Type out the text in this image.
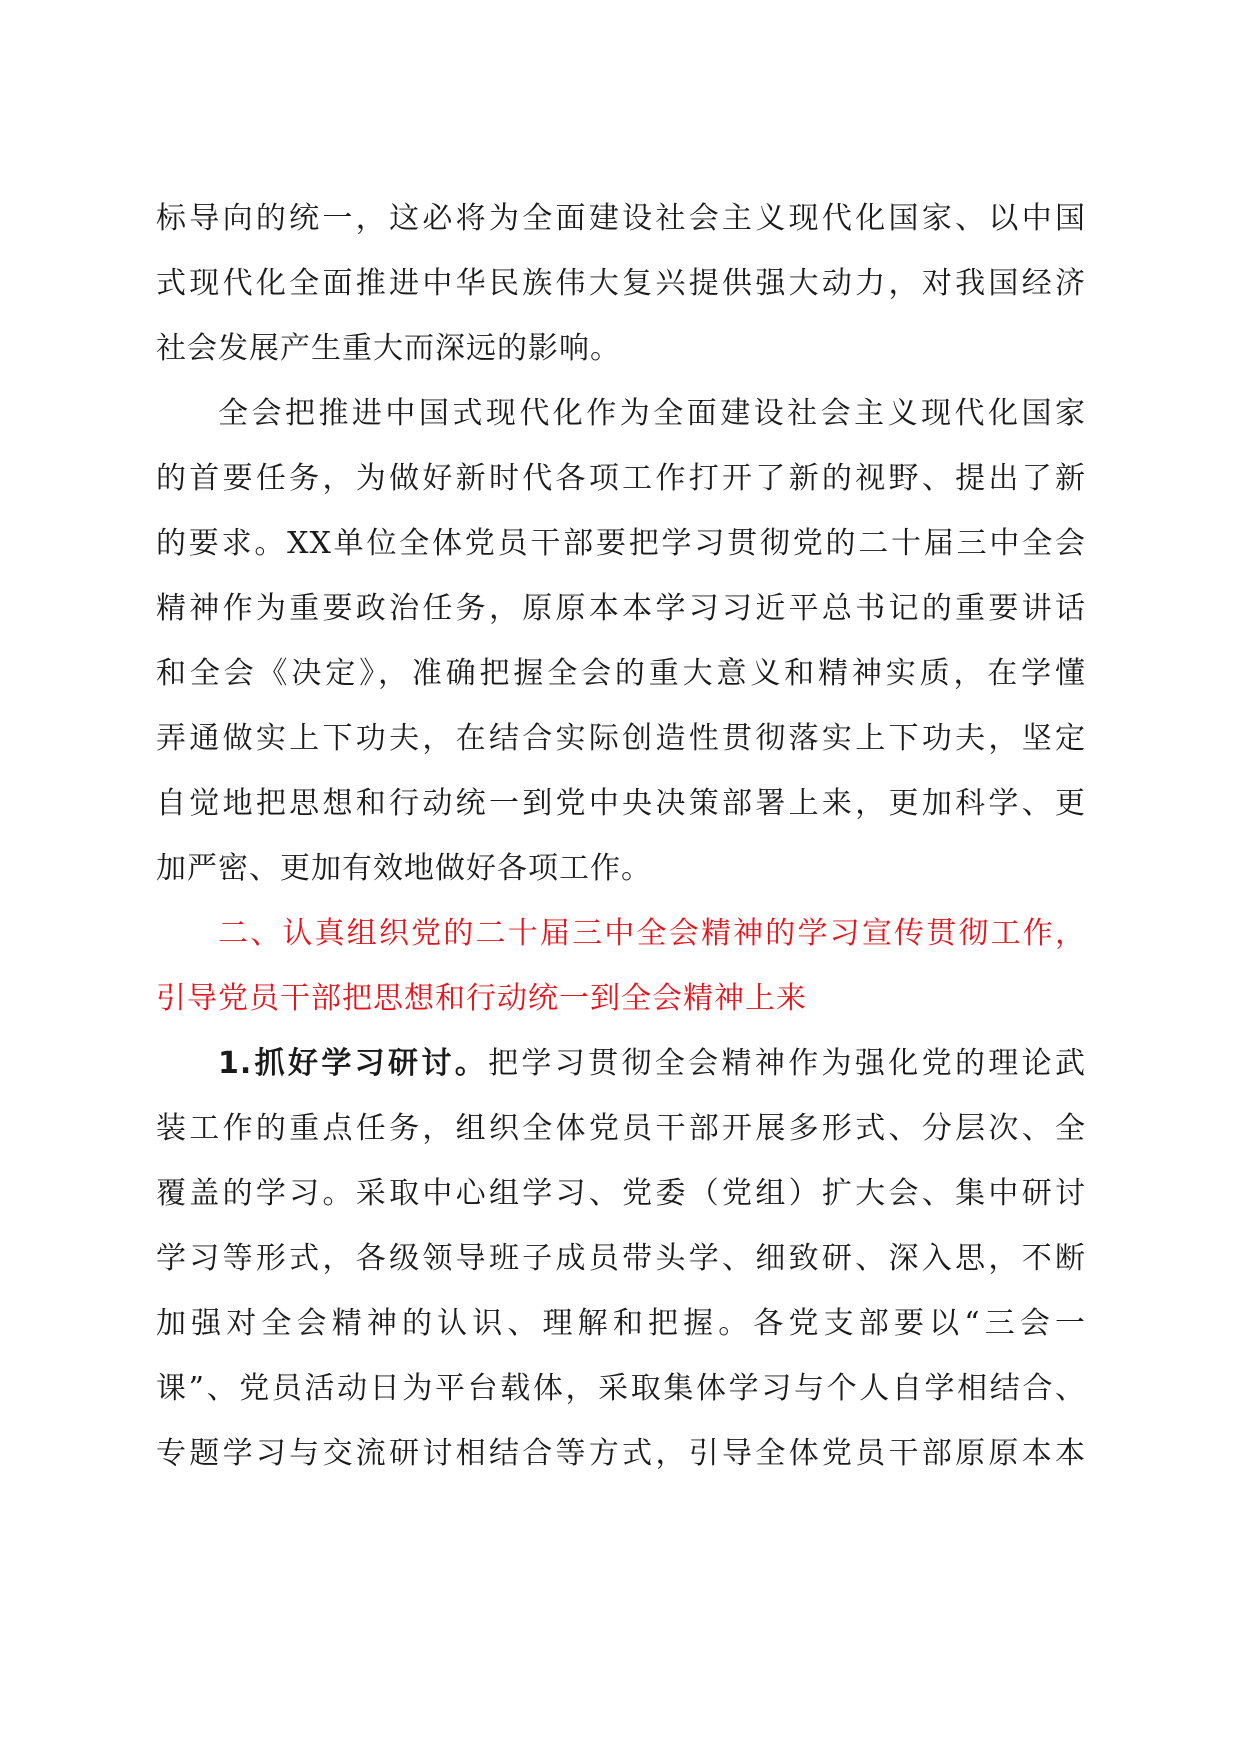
标导向的统一，这必将为全面建设社会主义现代化国家、以中国
式现代化全面推进中华民族伟大复兴提供强大动力，对我国经济
社会发展产生重大而深远的影响。
全会把推进中国式现代化作为全面建设社会主义现代化国家
的首要任务，为做好新时代各项工作打开了新的视野、提出了新
的要求。XX单位全体党员干部要把学习贯彻党的二十届三中全会
精神作为重要政治任务，原原本本学习习近平总书记的重要讲话
和全会《决定》，准确把握全会的重大意义和精神实质，在学懂
弄通做实上下功夫，在结合实际创造性贯彻落实上下功夫，坚定
自觉地把思想和行动统一到党中央决策部署上来，更加科学、更
加严密、更加有效地做好各项工作。
二、认真组织党的二十届三中全会精神的学习宣传贯彻工作，
引导党员干部把思想和行动统一到全会精神上来
1.抓好学习研讨。把学习贯彻全会精神作为强化党的理论武
装工作的重点任务，组织全体党员干部开展多形式、分层次、全
覆盖的学习。采取中心组学习、党委（党组）扩大会、集中研讨
学习等形式，各级领导班子成员带头学、细致研、深入思，不断
加强对全会精神的认识、理解和把握。各党支部要以“三会一
课”、党员活动日为平台载体，采取集体学习与个人自学相结合、
专题学习与交流研讨相结合等方式，引导全体党员干部原原本本
